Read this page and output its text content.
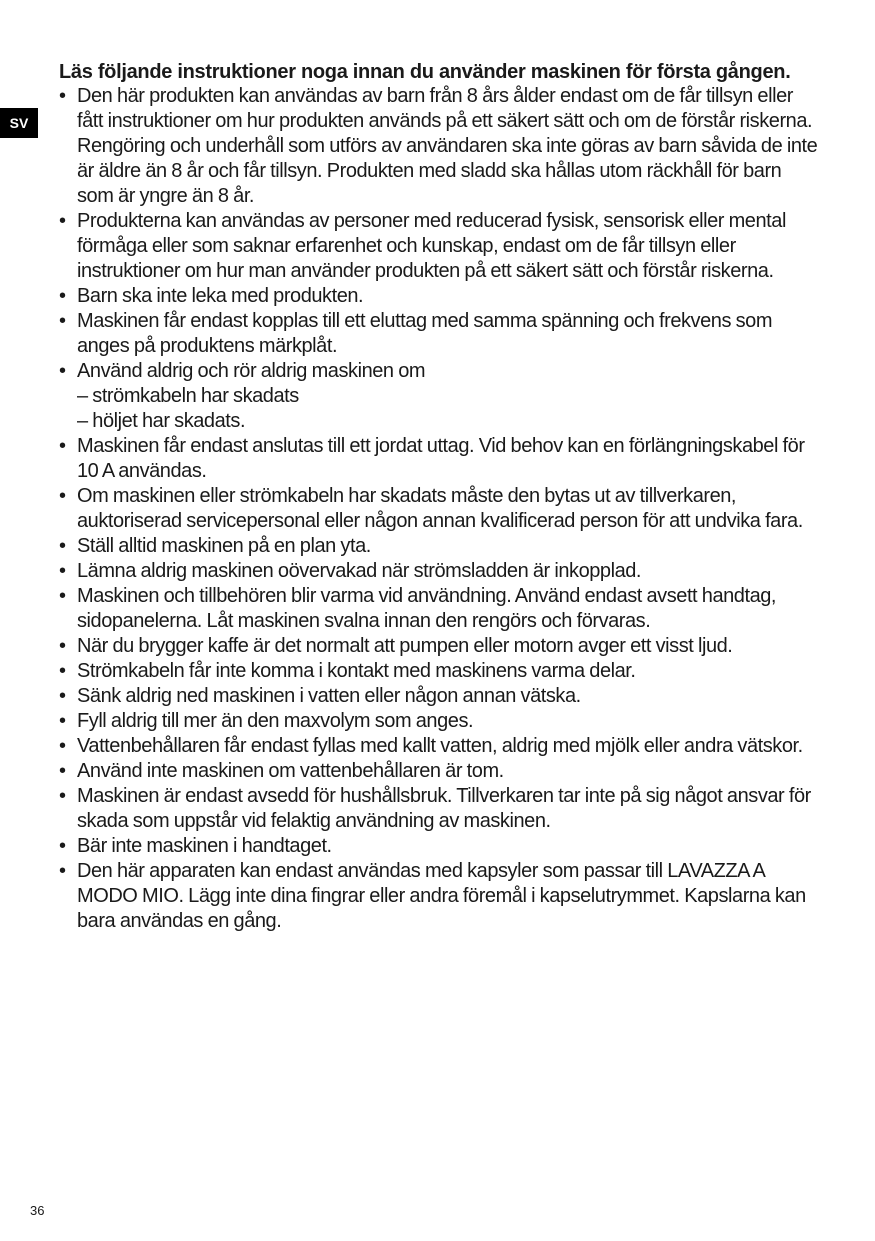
SV
Läs följande instruktioner noga innan du använder maskinen för första gången.
• Den här produkten kan användas av barn från 8 års ålder endast om de får tillsyn eller fått instruktioner om hur produkten används på ett säkert sätt och om de förstår riskerna. Rengöring och underhåll som utförs av användaren ska inte göras av barn såvida de inte är äldre än 8 år och får tillsyn. Produkten med sladd ska hållas utom räckhåll för barn som är yngre än 8 år.
• Produkterna kan användas av personer med reducerad fysisk, sensorisk eller mental förmåga eller som saknar erfarenhet och kunskap, endast om de får tillsyn eller instruktioner om hur man använder produkten på ett säkert sätt och förstår riskerna.
• Barn ska inte leka med produkten.
• Maskinen får endast kopplas till ett eluttag med samma spänning och frekvens som anges på produktens märkplåt.
• Använd aldrig och rör aldrig maskinen om
– strömkabeln har skadats
– höljet har skadats.
• Maskinen får endast anslutas till ett jordat uttag. Vid behov kan en förlängningskabel för 10 A användas.
• Om maskinen eller strömkabeln har skadats måste den bytas ut av tillverkaren, auktoriserad servicepersonal eller någon annan kvalificerad person för att undvika fara.
• Ställ alltid maskinen på en plan yta.
• Lämna aldrig maskinen oövervakad när strömsladden är inkopplad.
• Maskinen och tillbehören blir varma vid användning. Använd endast avsett handtag, sidopanelerna. Låt maskinen svalna innan den rengörs och förvaras.
• När du brygger kaffe är det normalt att pumpen eller motorn avger ett visst ljud.
• Strömkabeln får inte komma i kontakt med maskinens varma delar.
• Sänk aldrig ned maskinen i vatten eller någon annan vätska.
• Fyll aldrig till mer än den maxvolym som anges.
• Vattenbehållaren får endast fyllas med kallt vatten, aldrig med mjölk eller andra vätskor.
• Använd inte maskinen om vattenbehållaren är tom.
• Maskinen är endast avsedd för hushållsbruk. Tillverkaren tar inte på sig något ansvar för skada som uppstår vid felaktig användning av maskinen.
• Bär inte maskinen i handtaget.
• Den här apparaten kan endast användas med kapsyler som passar till LAVAZZA A MODO MIO. Lägg inte dina fingrar eller andra föremål i kapselutrymmet. Kapslarna kan bara användas en gång.
36
